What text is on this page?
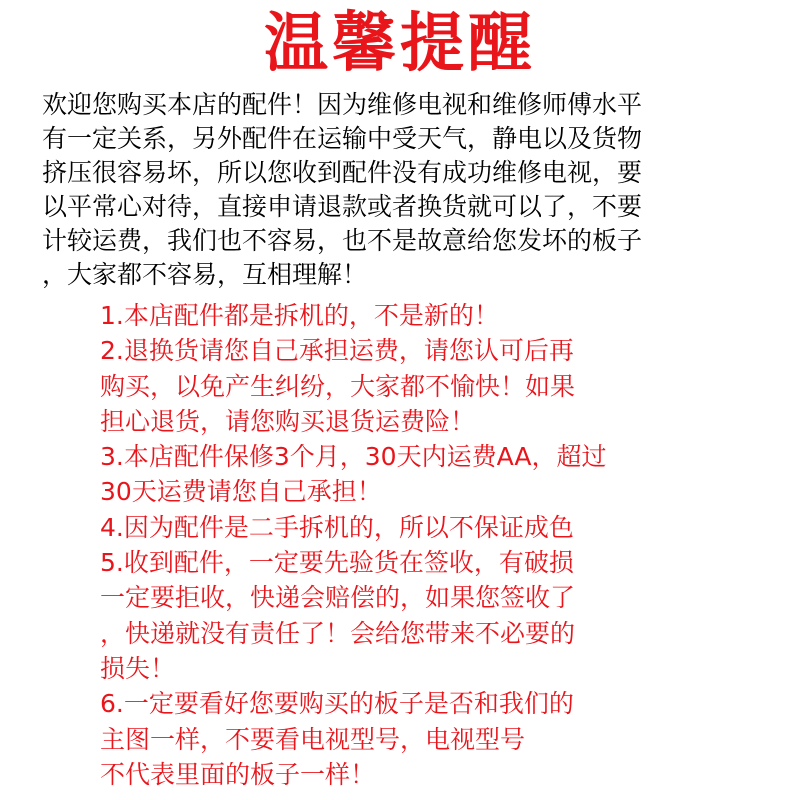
温馨提醒
欢迎您购买本店的配件！因为维修电视和维修师傅水平
有一定关系，另外配件在运输中受天气，静电以及货物
挤压很容易坏，所以您收到配件没有成功维修电视，要
以平常心对待，直接申请退款或者换货就可以了，不要
计较运费，我们也不容易，也不是故意给您发坏的板子
，大家都不容易，互相理解！
1.本店配件都是拆机的，不是新的！
2.退换货请您自己承担运费，请您认可后再
购买，以免产生纠纷，大家都不愉快！如果
担心退货，请您购买退货运费险！
3.本店配件保修3个月，30天内运费AA，超过
30天运费请您自己承担！
4.因为配件是二手拆机的，所以不保证成色
5.收到配件，一定要先验货在签收，有破损
一定要拒收，快递会赔偿的，如果您签收了
，快递就没有责任了！会给您带来不必要的
损失！
6.一定要看好您要购买的板子是否和我们的
主图一样，不要看电视型号，电视型号
不代表里面的板子一样！
